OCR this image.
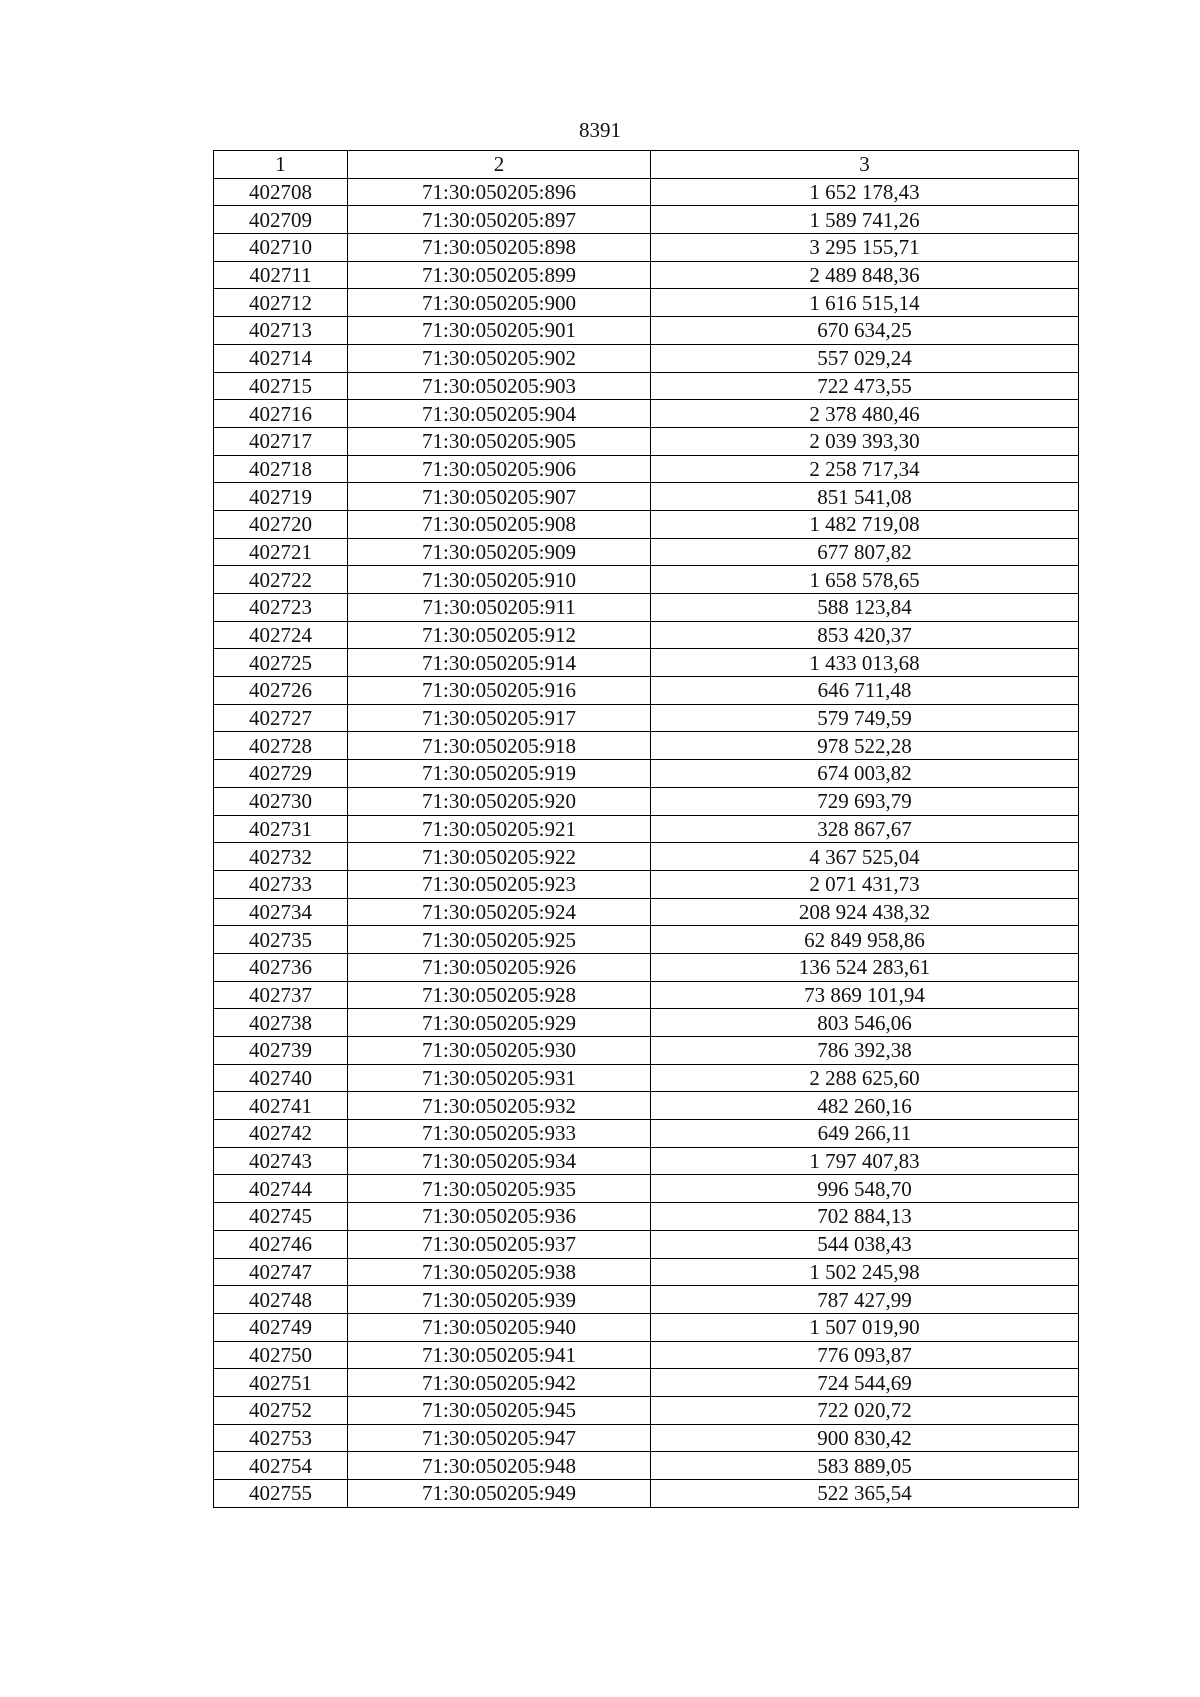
8391
1	2	3
402708	71:30:050205:896	1 652 178,43
402709	71:30:050205:897	1 589 741,26
402710	71:30:050205:898	3 295 155,71
402711	71:30:050205:899	2 489 848,36
402712	71:30:050205:900	1 616 515,14
402713	71:30:050205:901	670 634,25
402714	71:30:050205:902	557 029,24
402715	71:30:050205:903	722 473,55
402716	71:30:050205:904	2 378 480,46
402717	71:30:050205:905	2 039 393,30
402718	71:30:050205:906	2 258 717,34
402719	71:30:050205:907	851 541,08
402720	71:30:050205:908	1 482 719,08
402721	71:30:050205:909	677 807,82
402722	71:30:050205:910	1 658 578,65
402723	71:30:050205:911	588 123,84
402724	71:30:050205:912	853 420,37
402725	71:30:050205:914	1 433 013,68
402726	71:30:050205:916	646 711,48
402727	71:30:050205:917	579 749,59
402728	71:30:050205:918	978 522,28
402729	71:30:050205:919	674 003,82
402730	71:30:050205:920	729 693,79
402731	71:30:050205:921	328 867,67
402732	71:30:050205:922	4 367 525,04
402733	71:30:050205:923	2 071 431,73
402734	71:30:050205:924	208 924 438,32
402735	71:30:050205:925	62 849 958,86
402736	71:30:050205:926	136 524 283,61
402737	71:30:050205:928	73 869 101,94
402738	71:30:050205:929	803 546,06
402739	71:30:050205:930	786 392,38
402740	71:30:050205:931	2 288 625,60
402741	71:30:050205:932	482 260,16
402742	71:30:050205:933	649 266,11
402743	71:30:050205:934	1 797 407,83
402744	71:30:050205:935	996 548,70
402745	71:30:050205:936	702 884,13
402746	71:30:050205:937	544 038,43
402747	71:30:050205:938	1 502 245,98
402748	71:30:050205:939	787 427,99
402749	71:30:050205:940	1 507 019,90
402750	71:30:050205:941	776 093,87
402751	71:30:050205:942	724 544,69
402752	71:30:050205:945	722 020,72
402753	71:30:050205:947	900 830,42
402754	71:30:050205:948	583 889,05
402755	71:30:050205:949	522 365,54
